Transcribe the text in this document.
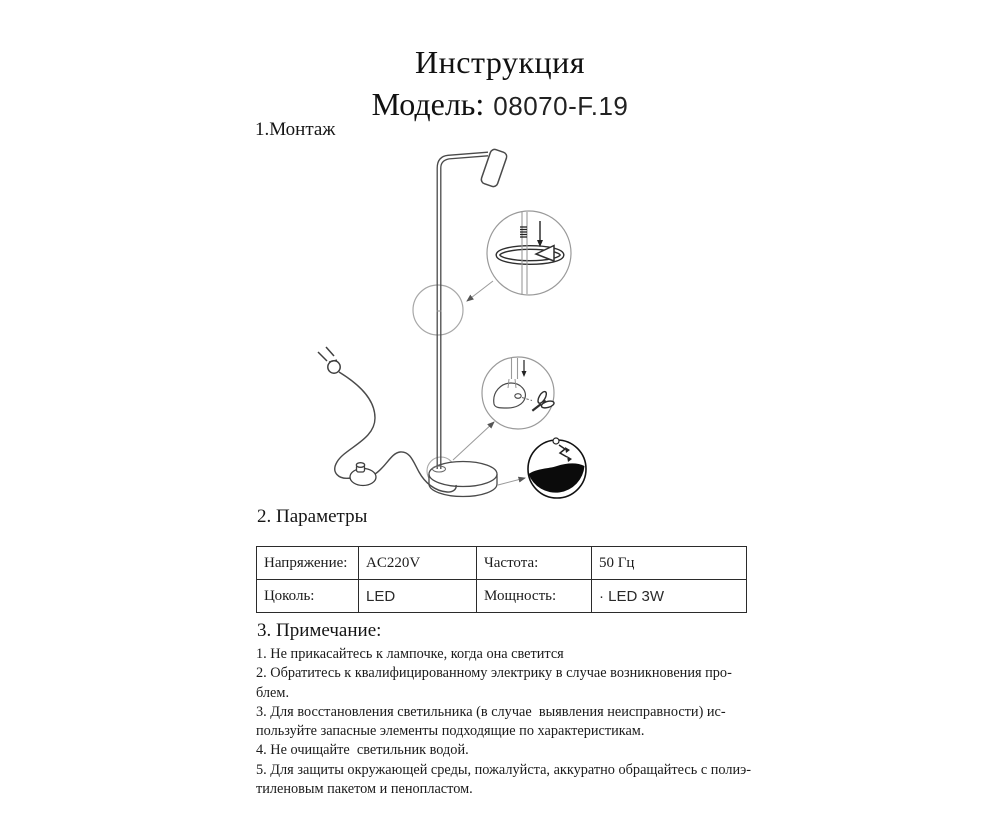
Инструкция
Модель: 08070-F.19
1.Монтаж
2. Параметры
3. Примечание:
Напряжение:	AC220V	Частота:	50 Гц
Цоколь:	LED	Мощность:	· LED 3W
1. Не прикасайтесь к лампочке, когда она светится
2. Обратитесь к квалифицированному электрику в случае возникновения про-
блем.
3. Для восстановления светильника (в случае  выявления неисправности) ис-
пользуйте запасные элементы подходящие по характеристикам.
4. Не очищайте  светильник водой.
5. Для защиты окружающей среды, пожалуйста, аккуратно обращайтесь с полиэ-
тиленовым пакетом и пенопластом.
